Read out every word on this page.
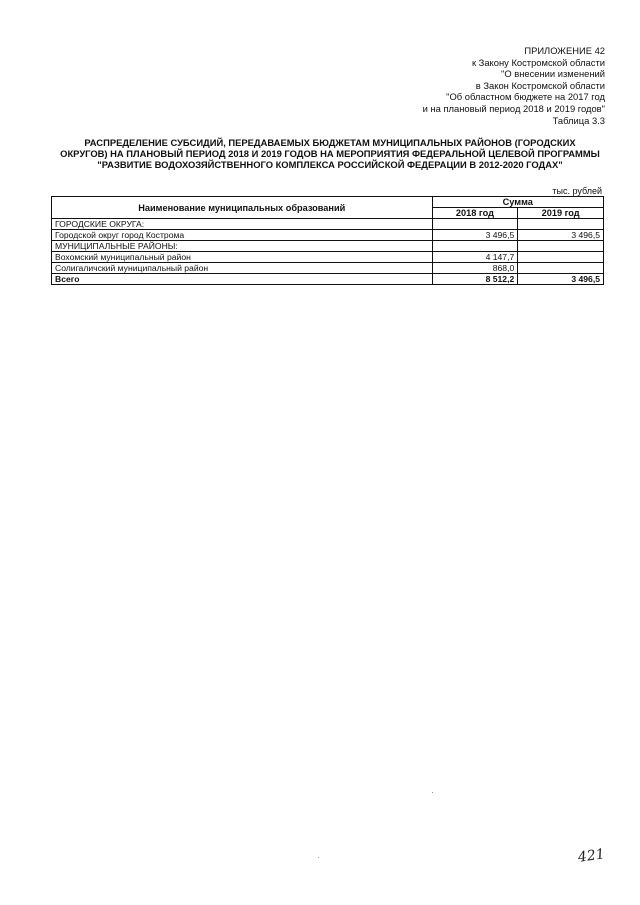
ПРИЛОЖЕНИЕ 42
к Закону Костромской области
"О внесении изменений
в Закон Костромской области
"Об областном бюджете на 2017 год
и на плановый период 2018 и 2019 годов"
Таблица 3.3
РАСПРЕДЕЛЕНИЕ СУБСИДИЙ, ПЕРЕДАВАЕМЫХ БЮДЖЕТАМ МУНИЦИПАЛЬНЫХ РАЙОНОВ (ГОРОДСКИХ ОКРУГОВ) НА ПЛАНОВЫЙ ПЕРИОД 2018 И 2019 ГОДОВ НА МЕРОПРИЯТИЯ ФЕДЕРАЛЬНОЙ ЦЕЛЕВОЙ ПРОГРАММЫ "РАЗВИТИЕ ВОДОХОЗЯЙСТВЕННОГО КОМПЛЕКСА РОССИЙСКОЙ ФЕДЕРАЦИИ В 2012-2020 ГОДАХ"
тыс. рублей
Наименование муниципальных образований	Сумма	
	2018 год	2019 год
ГОРОДСКИЕ ОКРУГА:		
Городской округ город Кострома	3 496,5	3 496,5
МУНИЦИПАЛЬНЫЕ РАЙОНЫ:		
Вохомский муниципальный район	4 147,7	
Солигаличский муниципальный район	868,0	
Всего	8 512,2	3 496,5
421
